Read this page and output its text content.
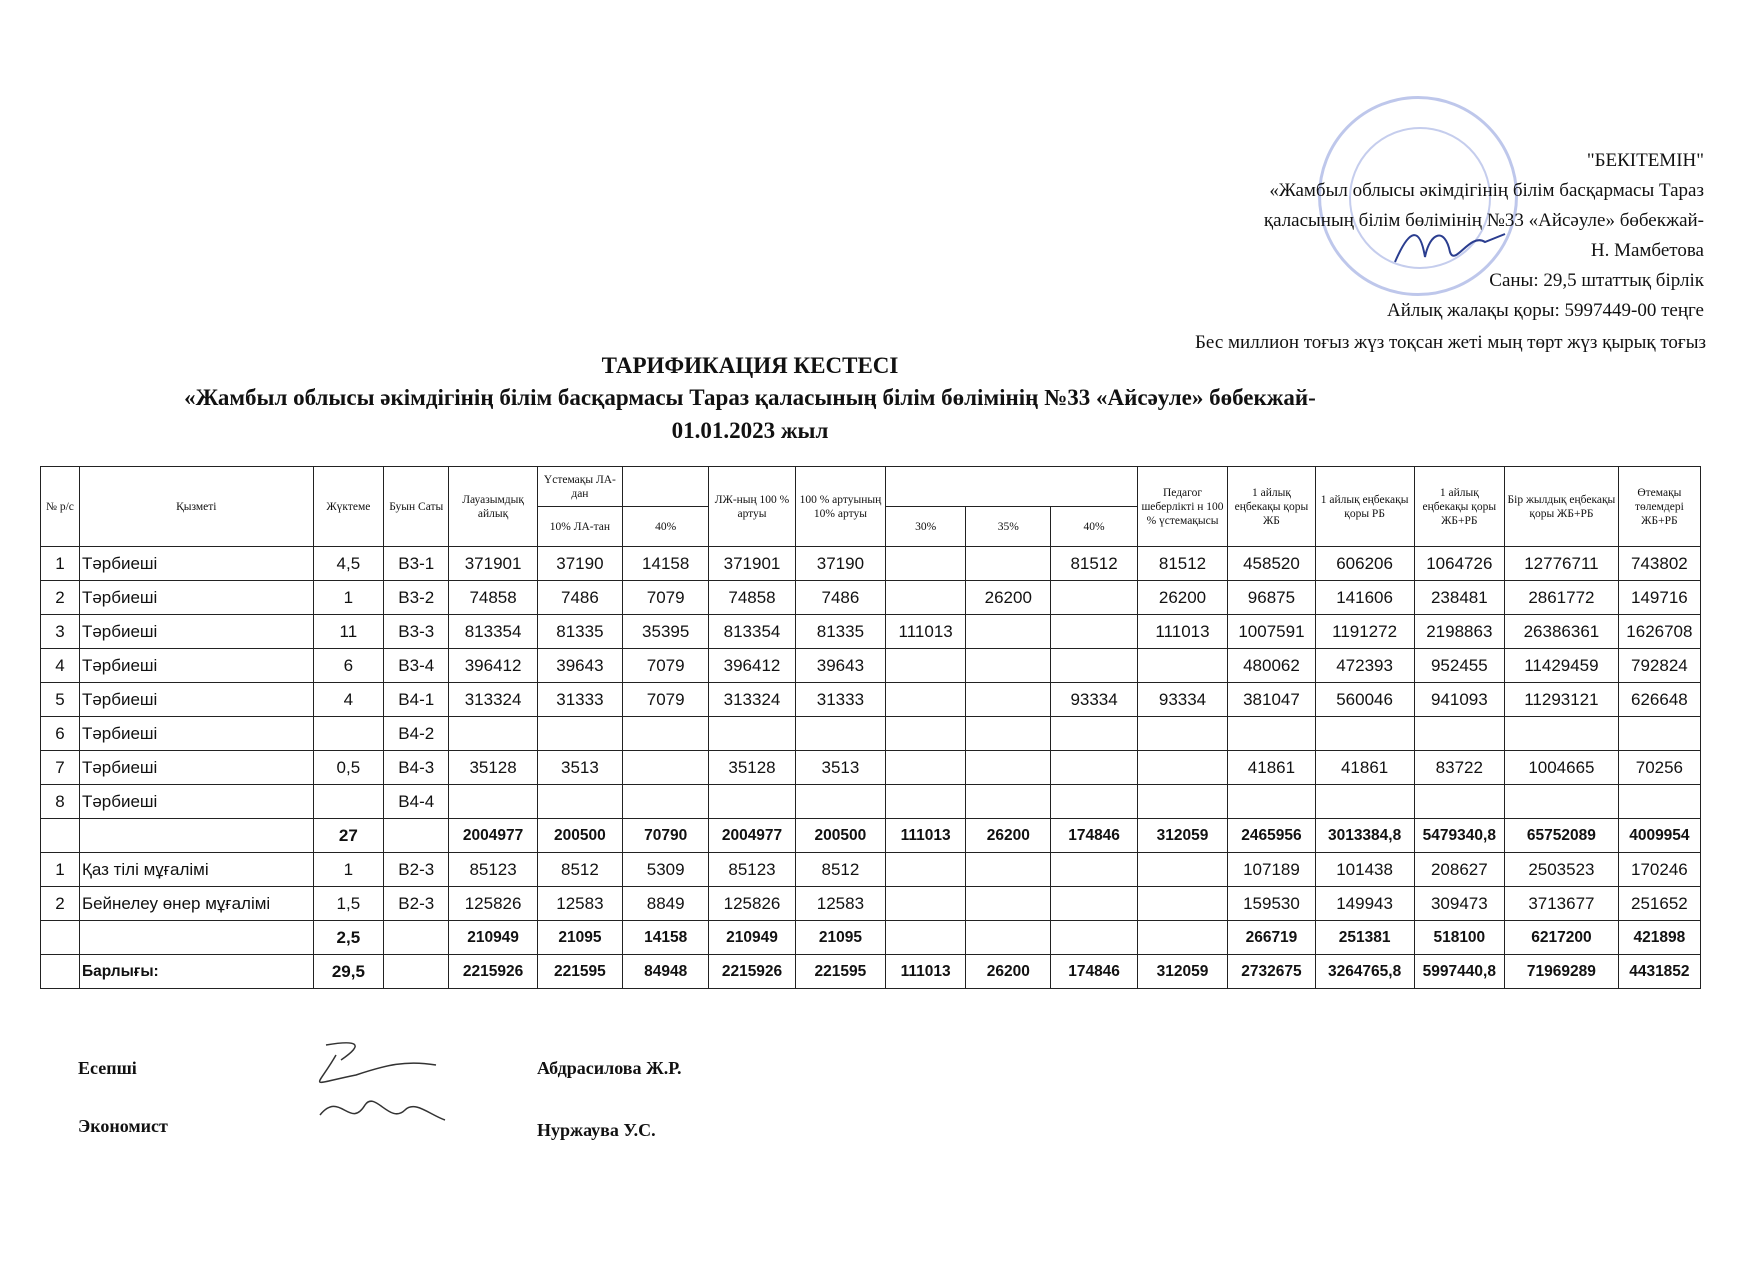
"БЕКІТЕМІН"
«Жамбыл облысы әкімдігінің білім басқармасы Тараз
қаласының білім бөлімінің №33 «Айсәуле» бөбекжай-
Н. Мамбетова
Саны: 29,5 штаттық бірлік
Айлық жалақы қоры: 5997449-00 теңге
Бес миллион тоғыз жүз тоқсан жеті мың төрт жүз қырық тоғыз
ТАРИФИКАЦИЯ КЕСТЕСІ
«Жамбыл облысы әкімдігінің білім басқармасы Тараз қаласының білім бөлімінің №33 «Айсәуле» бөбекжай-
01.01.2023 жыл
№ р/с	Қызметі	Жүктеме	Буын Саты	Лауазымдық айлық	Үстемақы ЛА-дан		ЛЖ-ның 100 % артуы	100 % артуының 10% артуы				Педагог шеберлікті н 100 % үстемақысы	1 айлық еңбекақы қоры ЖБ	1 айлық еңбекақы қоры РБ	1 айлық еңбекақы қоры ЖБ+РБ	Бір жылдық еңбекақы қоры ЖБ+РБ	Өтемақы төлемдері ЖБ+РБ
					10% ЛА-тан	40%			30%	35%	40%						
1	Тәрбиеші	4,5	В3-1	371901	37190	14158	371901	37190			81512	81512	458520	606206	1064726	12776711	743802
2	Тәрбиеші	1	В3-2	74858	7486	7079	74858	7486		26200		26200	96875	141606	238481	2861772	149716
3	Тәрбиеші	11	В3-3	813354	81335	35395	813354	81335	111013			111013	1007591	1191272	2198863	26386361	1626708
4	Тәрбиеші	6	В3-4	396412	39643	7079	396412	39643					480062	472393	952455	11429459	792824
5	Тәрбиеші	4	В4-1	313324	31333	7079	313324	31333			93334	93334	381047	560046	941093	11293121	626648
6	Тәрбиеші		В4-2														
7	Тәрбиеші	0,5	В4-3	35128	3513		35128	3513					41861	41861	83722	1004665	70256
8	Тәрбиеші		В4-4														
		27		2004977	200500	70790	2004977	200500	111013	26200	174846	312059	2465956	3013384,8	5479340,8	65752089	4009954
1	Қаз тілі мұғалімі	1	В2-3	85123	8512	5309	85123	8512					107189	101438	208627	2503523	170246
2	Бейнелеу өнер мұғалімі	1,5	В2-3	125826	12583	8849	125826	12583					159530	149943	309473	3713677	251652
		2,5		210949	21095	14158	210949	21095					266719	251381	518100	6217200	421898
	Барлығы:	29,5		2215926	221595	84948	2215926	221595	111013	26200	174846	312059	2732675	3264765,8	5997440,8	71969289	4431852
Есепші	Абдрасилова Ж.Р.
Экономист	Нуржаува У.С.
